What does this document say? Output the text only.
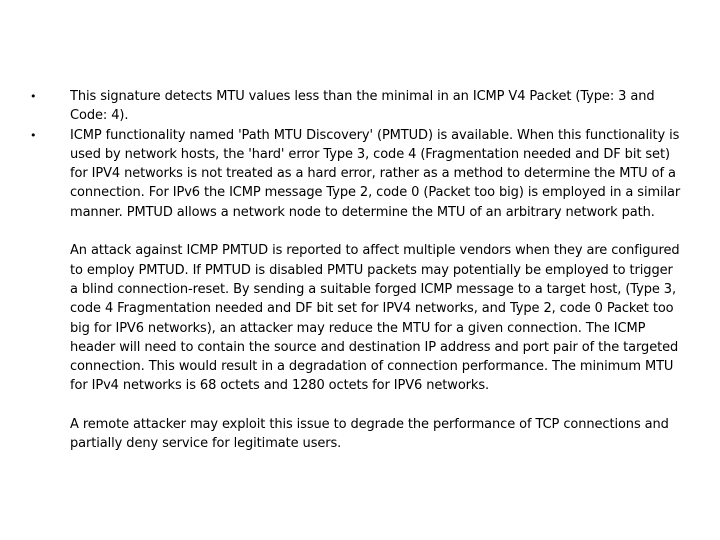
•	This signature detects MTU values less than the minimal in an ICMP V4 Packet (Type: 3 and Code: 4).
•	ICMP functionality named 'Path MTU Discovery' (PMTUD) is available. When this functionality is used by network hosts, the 'hard' error Type 3, code 4 (Fragmentation needed and DF bit set) for IPV4 networks is not treated as a hard error, rather as a method to determine the MTU of a connection. For IPv6 the ICMP message Type 2, code 0 (Packet too big) is employed in a similar manner. PMTUD allows a network node to determine the MTU of an arbitrary network path.
An attack against ICMP PMTUD is reported to affect multiple vendors when they are configured to employ PMTUD. If PMTUD is disabled PMTU packets may potentially be employed to trigger a blind connection-reset. By sending a suitable forged ICMP message to a target host, (Type 3, code 4 Fragmentation needed and DF bit set for IPV4 networks, and Type 2, code 0 Packet too big for IPV6 networks), an attacker may reduce the MTU for a given connection. The ICMP header will need to contain the source and destination IP address and port pair of the targeted connection. This would result in a degradation of connection performance. The minimum MTU for IPv4 networks is 68 octets and 1280 octets for IPV6 networks.
A remote attacker may exploit this issue to degrade the performance of TCP connections and partially deny service for legitimate users.
